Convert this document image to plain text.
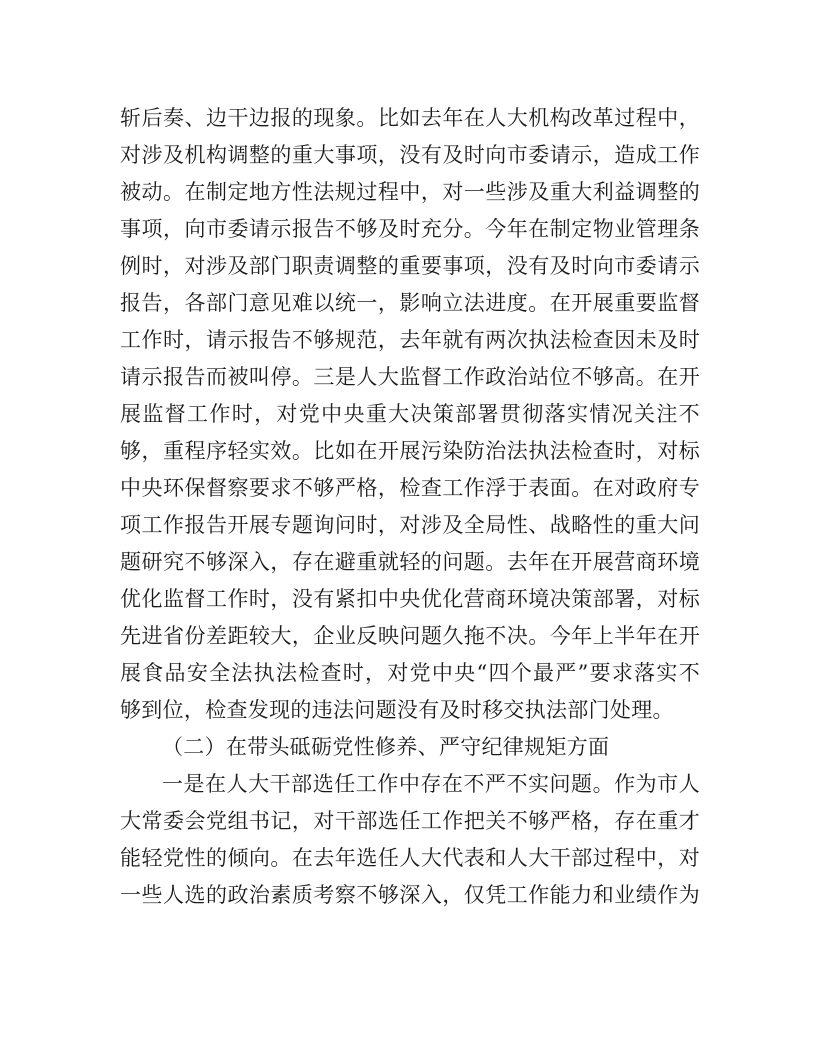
斩后奏、边干边报的现象。比如去年在人大机构改革过程中，
对涉及机构调整的重大事项，没有及时向市委请示，造成工作
被动。在制定地方性法规过程中，对一些涉及重大利益调整的
事项，向市委请示报告不够及时充分。今年在制定物业管理条
例时，对涉及部门职责调整的重要事项，没有及时向市委请示
报告，各部门意见难以统一，影响立法进度。在开展重要监督
工作时，请示报告不够规范，去年就有两次执法检查因未及时
请示报告而被叫停。三是人大监督工作政治站位不够高。在开
展监督工作时，对党中央重大决策部署贯彻落实情况关注不
够，重程序轻实效。比如在开展污染防治法执法检查时，对标
中央环保督察要求不够严格，检查工作浮于表面。在对政府专
项工作报告开展专题询问时，对涉及全局性、战略性的重大问
题研究不够深入，存在避重就轻的问题。去年在开展营商环境
优化监督工作时，没有紧扣中央优化营商环境决策部署，对标
先进省份差距较大，企业反映问题久拖不决。今年上半年在开
展食品安全法执法检查时，对党中央“四个最严”要求落实不
够到位，检查发现的违法问题没有及时移交执法部门处理。
（二）在带头砥砺党性修养、严守纪律规矩方面
一是在人大干部选任工作中存在不严不实问题。作为市人
大常委会党组书记，对干部选任工作把关不够严格，存在重才
能轻党性的倾向。在去年选任人大代表和人大干部过程中，对
一些人选的政治素质考察不够深入，仅凭工作能力和业绩作为
